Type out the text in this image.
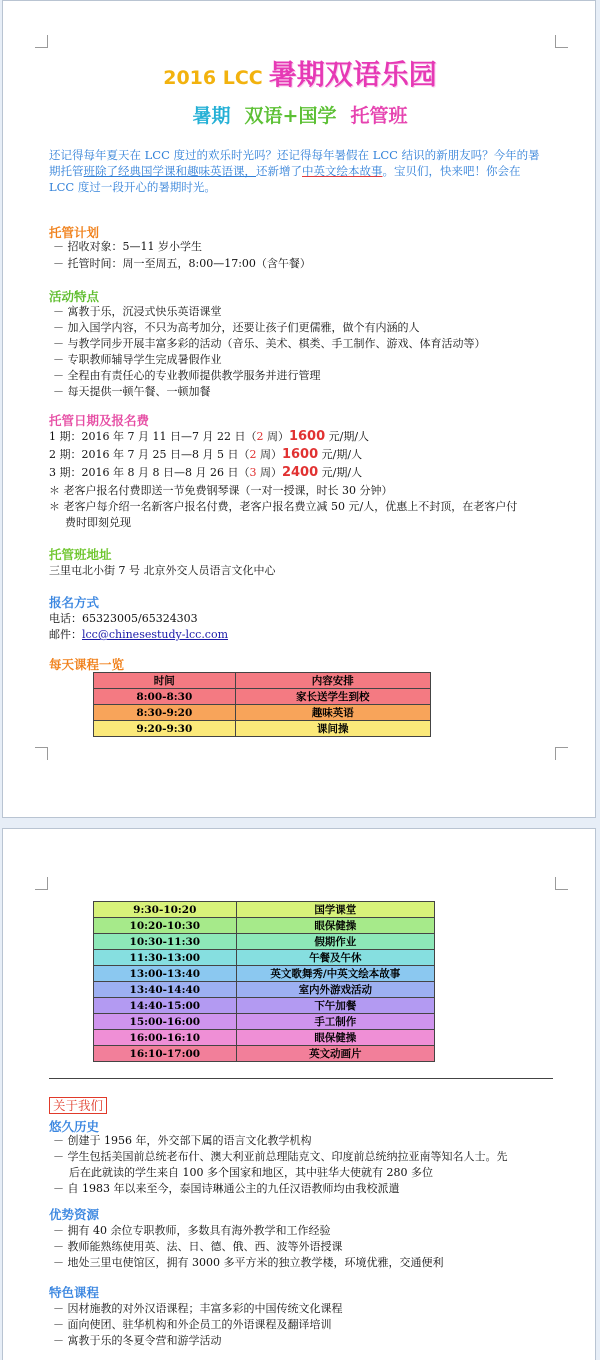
2016 LCC 暑期双语乐园
暑期 双语+国学 托管班
还记得每年夏天在 LCC 度过的欢乐时光吗？还记得每年暑假在 LCC 结识的新朋友吗？今年的暑
期托管班除了经典国学课和趣味英语课，还新增了中英文绘本故事。宝贝们，快来吧！你会在
LCC 度过一段开心的暑期时光。
托管计划
－ 招收对象：5—11 岁小学生
－ 托管时间：周一至周五，8:00—17:00（含午餐）
活动特点
－ 寓教于乐，沉浸式快乐英语课堂
－ 加入国学内容，不只为高考加分，还要让孩子们更儒雅，做个有内涵的人
－ 与教学同步开展丰富多彩的活动（音乐、美术、棋类、手工制作、游戏、体育活动等）
－ 专职教师辅导学生完成暑假作业
－ 全程由有责任心的专业教师提供教学服务并进行管理
－ 每天提供一顿午餐、一顿加餐
托管日期及报名费
1 期：2016 年 7 月 11 日—7 月 22 日（2 周）1600 元/期/人
2 期：2016 年 7 月 25 日—8 月 5 日（2 周）1600 元/期/人
3 期：2016 年 8 月 8 日—8 月 26 日（3 周）2400 元/期/人
＊ 老客户报名付费即送一节免费钢琴课（一对一授课，时长 30 分钟）
＊ 老客户每介绍一名新客户报名付费，老客户报名费立减 50 元/人，优惠上不封顶，在老客户付
费时即刻兑现
托管班地址
三里屯北小街 7 号 北京外交人员语言文化中心
报名方式
电话：65323005/65324303
邮件：lcc@chinesestudy-lcc.com
每天课程一览
时间	内容安排
8:00-8:30	家长送学生到校
8:30-9:20	趣味英语
9:20-9:30	课间操
9:30-10:20	国学课堂
10:20-10:30	眼保健操
10:30-11:30	假期作业
11:30-13:00	午餐及午休
13:00-13:40	英文歌舞秀/中英文绘本故事
13:40-14:40	室内外游戏活动
14:40-15:00	下午加餐
15:00-16:00	手工制作
16:00-16:10	眼保健操
16:10-17:00	英文动画片
关于我们
悠久历史
－ 创建于 1956 年，外交部下属的语言文化教学机构
－ 学生包括美国前总统老布什、澳大利亚前总理陆克文、印度前总统纳拉亚南等知名人士。先
后在此就读的学生来自 100 多个国家和地区，其中驻华大使就有 280 多位
－ 自 1983 年以来至今，泰国诗琳通公主的九任汉语教师均由我校派遣
优势资源
－ 拥有 40 余位专职教师，多数具有海外教学和工作经验
－ 教师能熟练使用英、法、日、德、俄、西、波等外语授课
－ 地处三里屯使馆区，拥有 3000 多平方米的独立教学楼，环境优雅，交通便利
特色课程
－ 因材施教的对外汉语课程；丰富多彩的中国传统文化课程
－ 面向使团、驻华机构和外企员工的外语课程及翻译培训
－ 寓教于乐的冬夏令营和游学活动
